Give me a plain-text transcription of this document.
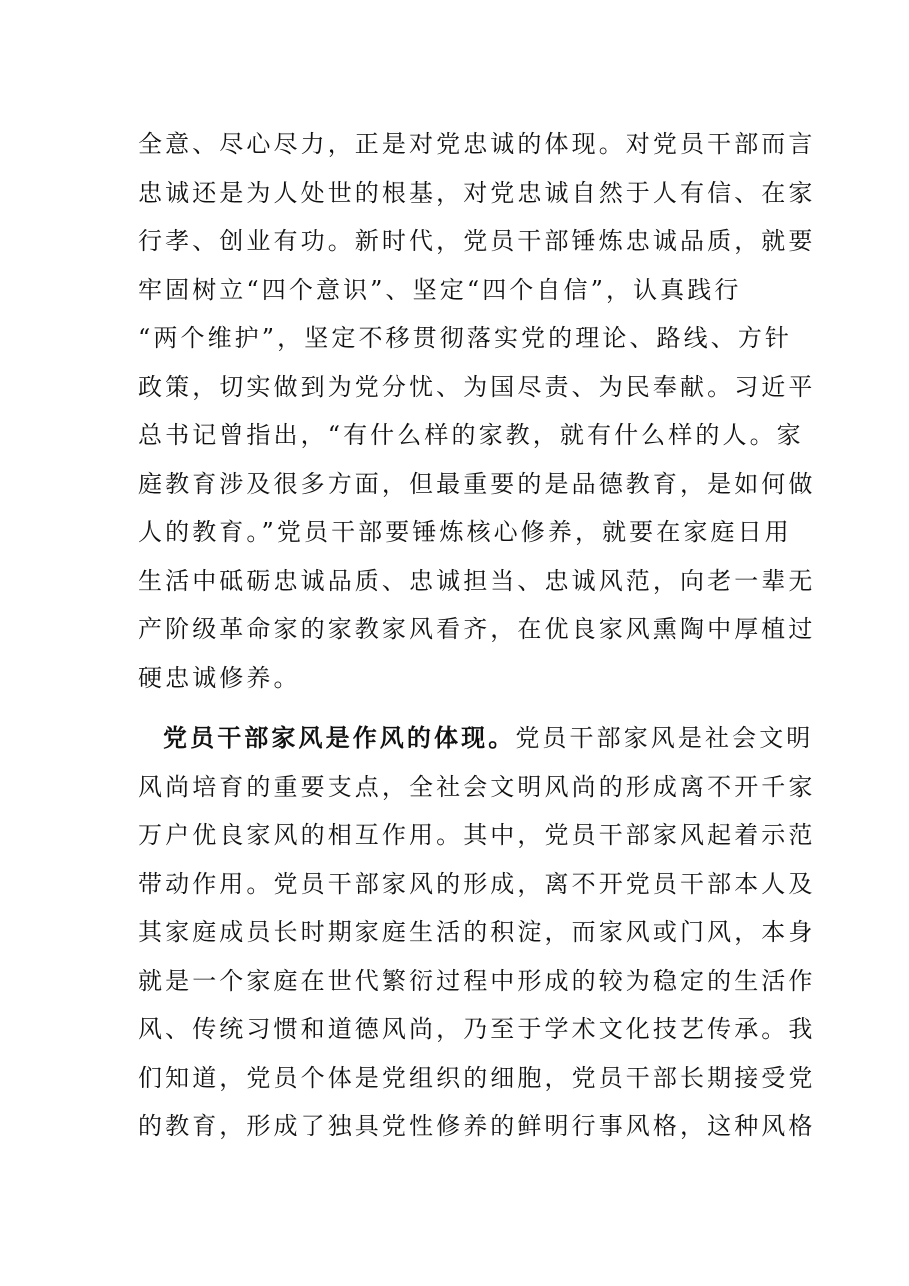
全意、尽心尽力，正是对党忠诚的体现。对党员干部而言
忠诚还是为人处世的根基，对党忠诚自然于人有信、在家
行孝、创业有功。新时代，党员干部锤炼忠诚品质，就要
牢固树立“四个意识”、坚定“四个自信”，认真践行
“两个维护”，坚定不移贯彻落实党的理论、路线、方针
政策，切实做到为党分忧、为国尽责、为民奉献。习近平
总书记曾指出，“有什么样的家教，就有什么样的人。家
庭教育涉及很多方面，但最重要的是品德教育，是如何做
人的教育。”党员干部要锤炼核心修养，就要在家庭日用
生活中砥砺忠诚品质、忠诚担当、忠诚风范，向老一辈无
产阶级革命家的家教家风看齐，在优良家风熏陶中厚植过
硬忠诚修养。
党员干部家风是作风的体现。党员干部家风是社会文明
风尚培育的重要支点，全社会文明风尚的形成离不开千家
万户优良家风的相互作用。其中，党员干部家风起着示范
带动作用。党员干部家风的形成，离不开党员干部本人及
其家庭成员长时期家庭生活的积淀，而家风或门风，本身
就是一个家庭在世代繁衍过程中形成的较为稳定的生活作
风、传统习惯和道德风尚，乃至于学术文化技艺传承。我
们知道，党员个体是党组织的细胞，党员干部长期接受党
的教育，形成了独具党性修养的鲜明行事风格，这种风格
